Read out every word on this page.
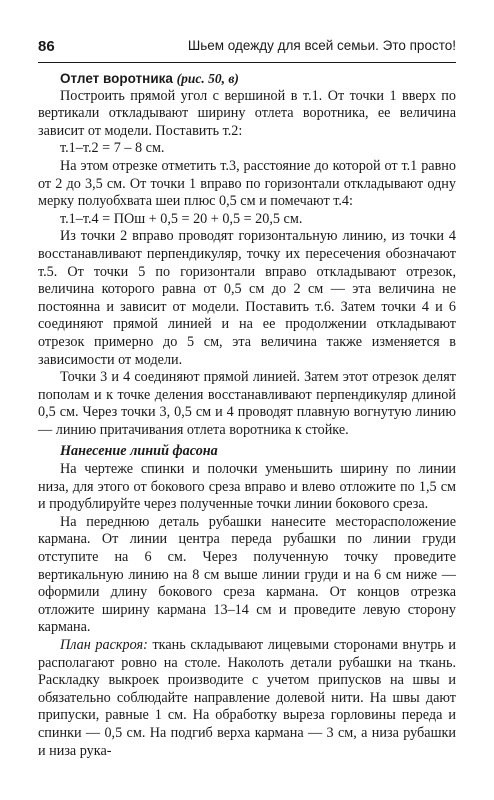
86	Шьем одежду для всей семьи. Это просто!

Отлет воротника (рис. 50, в)

Построить прямой угол с вершиной в т.1. От точки 1 вверх по вертикали откладывают ширину отлета воротника, ее величина зависит от модели. Поставить т.2:

т.1–т.2 = 7 – 8 см.

На этом отрезке отметить т.3, расстояние до которой от т.1 равно от 2 до 3,5 см. От точки 1 вправо по горизонтали откладывают одну мерку полуобхвата шеи плюс 0,5 см и помечают т.4:

т.1–т.4 = ПОш + 0,5 = 20 + 0,5 = 20,5 см.

Из точки 2 вправо проводят горизонтальную линию, из точки 4 восстанавливают перпендикуляр, точку их пересечения обозначают т.5. От точки 5 по горизонтали вправо откладывают отрезок, величина которого равна от 0,5 см до 2 см — эта величина не постоянна и зависит от модели. Поставить т.6. Затем точки 4 и 6 соединяют прямой линией и на ее продолжении откладывают отрезок примерно до 5 см, эта величина также изменяется в зависимости от модели.

Точки 3 и 4 соединяют прямой линией. Затем этот отрезок делят пополам и к точке деления восстанавливают перпендикуляр длиной 0,5 см. Через точки 3, 0,5 см и 4 проводят плавную вогнутую линию — линию притачивания отлета воротника к стойке.

Нанесение линий фасона

На чертеже спинки и полочки уменьшить ширину по линии низа, для этого от бокового среза вправо и влево отложите по 1,5 см и продублируйте через полученные точки линии бокового среза.

На переднюю деталь рубашки нанесите месторасположение кармана. От линии центра переда рубашки по линии груди отступите на 6 см. Через полученную точку проведите вертикальную линию на 8 см выше линии груди и на 6 см ниже — оформили длину бокового среза кармана. От концов отрезка отложите ширину кармана 13–14 см и проведите левую сторону кармана.

План раскроя: ткань складывают лицевыми сторонами внутрь и располагают ровно на столе. Наколоть детали рубашки на ткань. Раскладку выкроек производите с учетом припусков на швы и обязательно соблюдайте направление долевой нити. На швы дают припуски, равные 1 см. На обработку выреза горловины переда и спинки — 0,5 см. На подгиб верха кармана — 3 см, а низа рубашки и низа рука-
